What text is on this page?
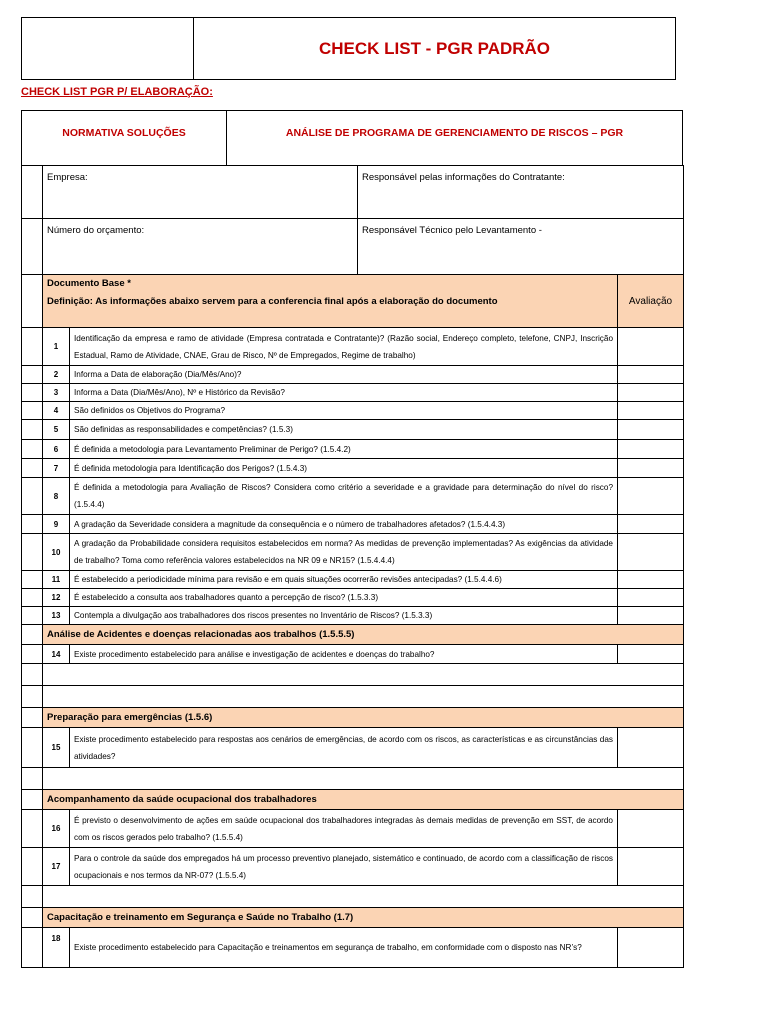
	CHECK LIST - PGR PADRÃO
CHECK LIST PGR P/ ELABORAÇÃO:
NORMATIVA SOLUÇÕES	ANÁLISE DE PROGRAMA DE GERENCIAMENTO DE RISCOS – PGR
	Empresa:		Responsável pelas informações do Contratante:	
	Número do orçamento:		Responsável Técnico pelo Levantamento -	

	Documento Base *
Definição: As informações abaixo servem para a conferencia final após a elaboração do documento			Avaliação
	1	Identificação da empresa e ramo de atividade (Empresa contratada e Contratante)? (Razão social, Endereço completo, telefone, CNPJ, Inscrição Estadual, Ramo de Atividade, CNAE, Grau de Risco, Nº de Empregados, Regime de trabalho)		
	2	Informa a Data de elaboração (Dia/Mês/Ano)?		
	3	Informa a Data (Dia/Mês/Ano), Nº e Histórico da Revisão?		
	4	São definidos os Objetivos do Programa?		
	5	São definidas as responsabilidades e competências? (1.5.3)		
	6	É definida a metodologia para Levantamento Preliminar de Perigo? (1.5.4.2)		
	7	É definida metodologia para Identificação dos Perigos? (1.5.4.3)		
	8	É definida a metodologia para Avaliação de Riscos? Considera como critério a severidade e a gravidade para determinação do nível do risco? (1.5.4.4)		
	9	A gradação da Severidade considera a magnitude da consequência e o número de trabalhadores afetados? (1.5.4.4.3)		
	10	A gradação da Probabilidade considera requisitos estabelecidos em norma? As medidas de prevenção implementadas? As exigências da atividade de trabalho? Toma como referência valores estabelecidos na NR 09 e NR15? (1.5.4.4.4)		
	11	É estabelecido a periodicidade mínima para revisão e em quais situações ocorrerão revisões antecipadas? (1.5.4.4.6)		
	12	É estabelecido a consulta aos trabalhadores quanto a percepção de risco? (1.5.3.3)		
	13	Contempla a divulgação aos trabalhadores dos riscos presentes no Inventário de Riscos? (1.5.3.3)		
	Análise de Acidentes e doenças relacionadas aos trabalhos (1.5.5.5)			
	14	Existe procedimento estabelecido para análise e investigação de acidentes e doenças do trabalho?		

	Preparação para emergências (1.5.6)			
	15	Existe procedimento estabelecido para respostas aos cenários de emergências, de acordo com os riscos, as características e as circunstâncias das atividades?		

	Acompanhamento da saúde ocupacional dos trabalhadores			
	16	É previsto o desenvolvimento de ações em saúde ocupacional dos trabalhadores integradas às demais medidas de prevenção em SST, de acordo com os riscos gerados pelo trabalho? (1.5.5.4)		
	17	Para o controle da saúde dos empregados há um processo preventivo planejado, sistemático e continuado, de acordo com a classificação de riscos ocupacionais e nos termos da NR-07? (1.5.5.4)		

	Capacitação e treinamento em Segurança e Saúde no Trabalho (1.7)			
	18	Existe procedimento estabelecido para Capacitação e treinamentos em segurança de trabalho, em conformidade com o disposto nas NR’s?		
